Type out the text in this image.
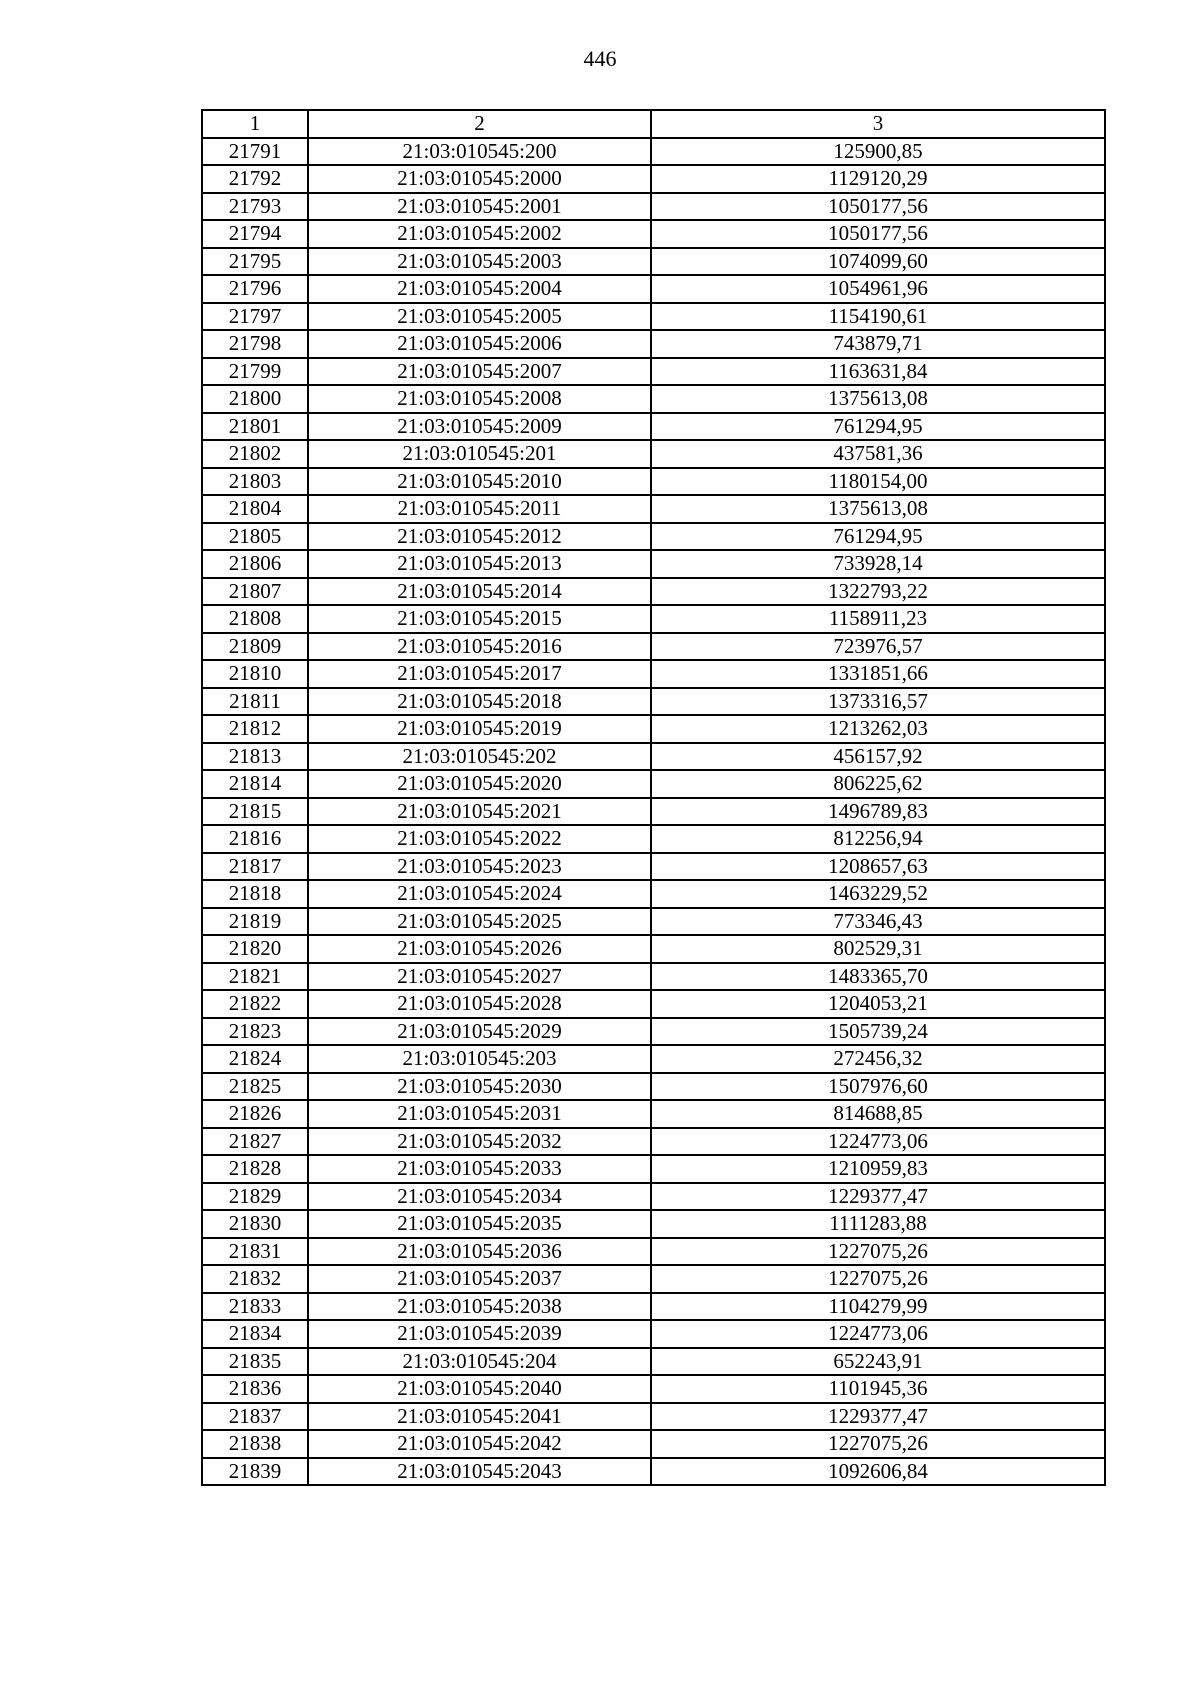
446
1	2	3
21791	21:03:010545:200	125900,85
21792	21:03:010545:2000	1129120,29
21793	21:03:010545:2001	1050177,56
21794	21:03:010545:2002	1050177,56
21795	21:03:010545:2003	1074099,60
21796	21:03:010545:2004	1054961,96
21797	21:03:010545:2005	1154190,61
21798	21:03:010545:2006	743879,71
21799	21:03:010545:2007	1163631,84
21800	21:03:010545:2008	1375613,08
21801	21:03:010545:2009	761294,95
21802	21:03:010545:201	437581,36
21803	21:03:010545:2010	1180154,00
21804	21:03:010545:2011	1375613,08
21805	21:03:010545:2012	761294,95
21806	21:03:010545:2013	733928,14
21807	21:03:010545:2014	1322793,22
21808	21:03:010545:2015	1158911,23
21809	21:03:010545:2016	723976,57
21810	21:03:010545:2017	1331851,66
21811	21:03:010545:2018	1373316,57
21812	21:03:010545:2019	1213262,03
21813	21:03:010545:202	456157,92
21814	21:03:010545:2020	806225,62
21815	21:03:010545:2021	1496789,83
21816	21:03:010545:2022	812256,94
21817	21:03:010545:2023	1208657,63
21818	21:03:010545:2024	1463229,52
21819	21:03:010545:2025	773346,43
21820	21:03:010545:2026	802529,31
21821	21:03:010545:2027	1483365,70
21822	21:03:010545:2028	1204053,21
21823	21:03:010545:2029	1505739,24
21824	21:03:010545:203	272456,32
21825	21:03:010545:2030	1507976,60
21826	21:03:010545:2031	814688,85
21827	21:03:010545:2032	1224773,06
21828	21:03:010545:2033	1210959,83
21829	21:03:010545:2034	1229377,47
21830	21:03:010545:2035	1111283,88
21831	21:03:010545:2036	1227075,26
21832	21:03:010545:2037	1227075,26
21833	21:03:010545:2038	1104279,99
21834	21:03:010545:2039	1224773,06
21835	21:03:010545:204	652243,91
21836	21:03:010545:2040	1101945,36
21837	21:03:010545:2041	1229377,47
21838	21:03:010545:2042	1227075,26
21839	21:03:010545:2043	1092606,84
